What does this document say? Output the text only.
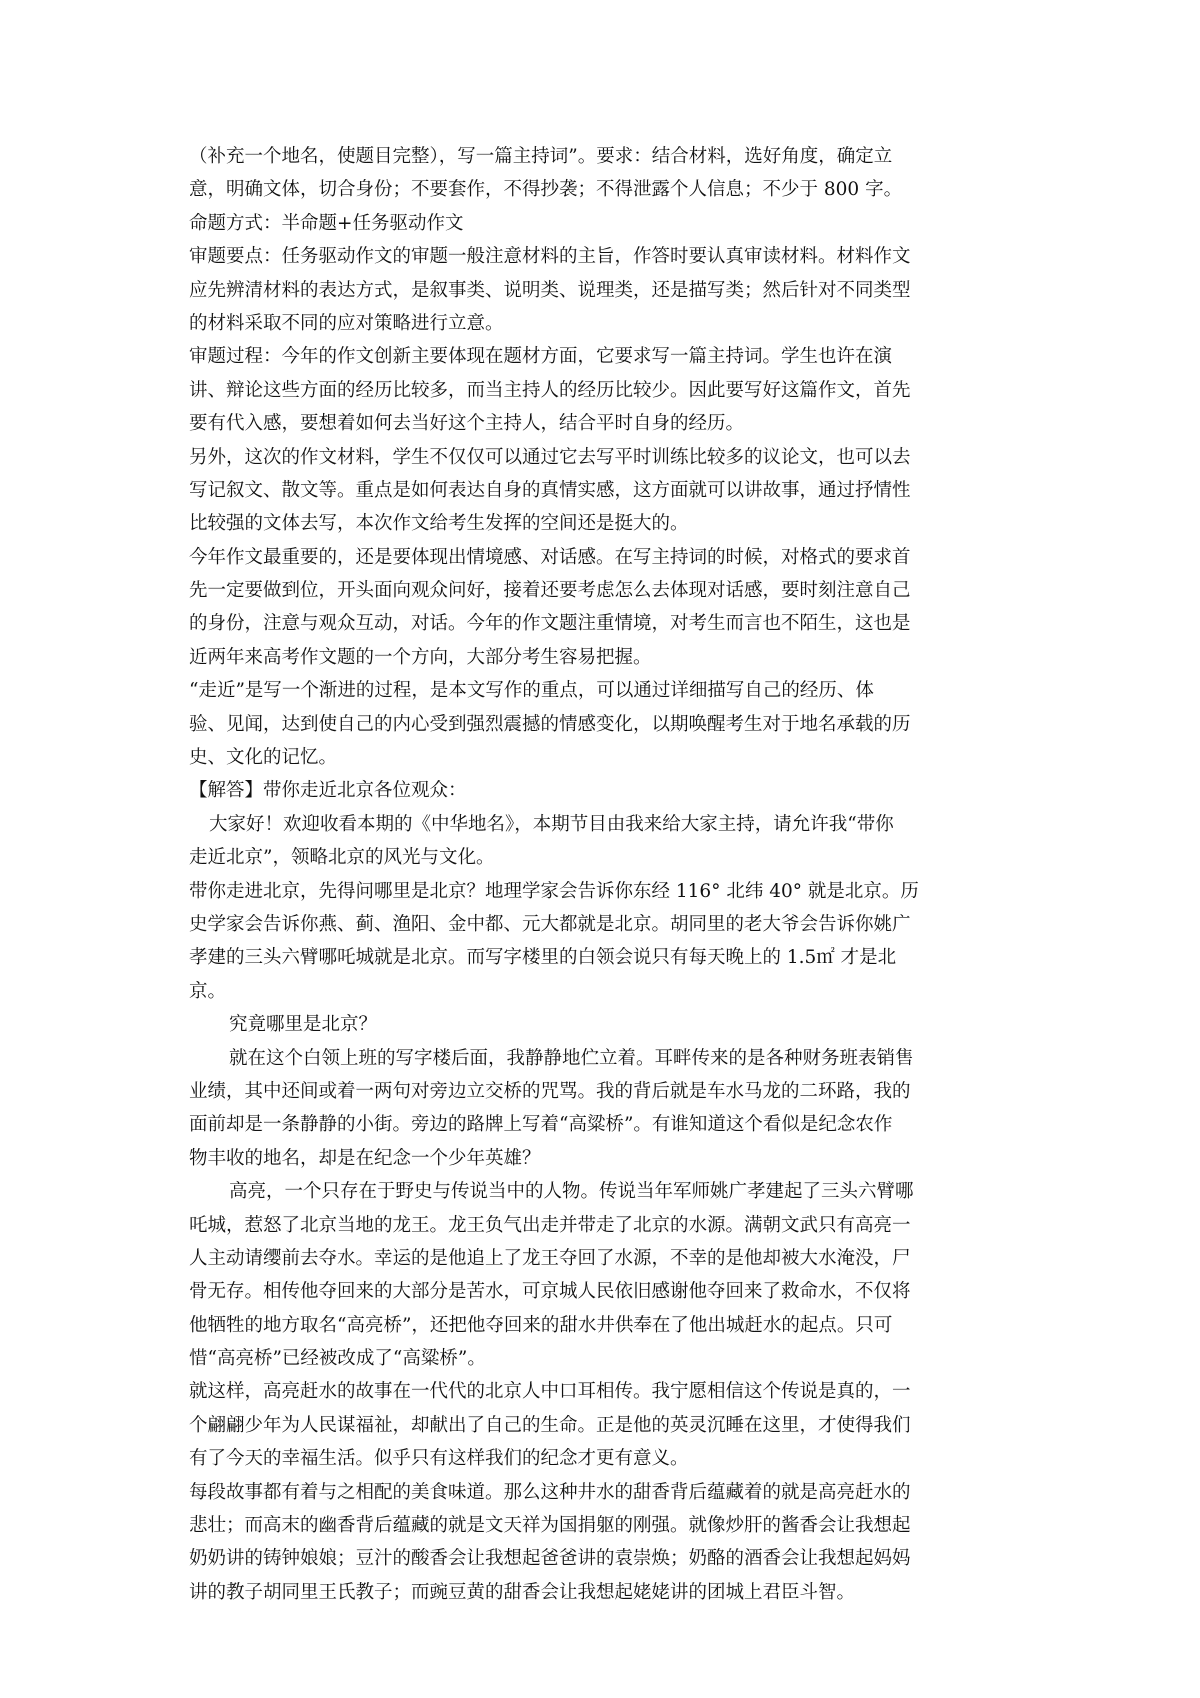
（补充一个地名，使题目完整），写一篇主持词”。要求：结合材料，选好角度，确定立
意，明确文体，切合身份；不要套作，不得抄袭；不得泄露个人信息；不少于 800 字。
命题方式：半命题+任务驱动作文
审题要点：任务驱动作文的审题一般注意材料的主旨，作答时要认真审读材料。材料作文
应先辨清材料的表达方式，是叙事类、说明类、说理类，还是描写类；然后针对不同类型
的材料采取不同的应对策略进行立意。
审题过程：今年的作文创新主要体现在题材方面，它要求写一篇主持词。学生也许在演
讲、辩论这些方面的经历比较多，而当主持人的经历比较少。因此要写好这篇作文，首先
要有代入感，要想着如何去当好这个主持人，结合平时自身的经历。
另外，这次的作文材料，学生不仅仅可以通过它去写平时训练比较多的议论文，也可以去
写记叙文、散文等。重点是如何表达自身的真情实感，这方面就可以讲故事，通过抒情性
比较强的文体去写，本次作文给考生发挥的空间还是挺大的。
今年作文最重要的，还是要体现出情境感、对话感。在写主持词的时候，对格式的要求首
先一定要做到位，开头面向观众问好，接着还要考虑怎么去体现对话感，要时刻注意自己
的身份，注意与观众互动，对话。今年的作文题注重情境，对考生而言也不陌生，这也是
近两年来高考作文题的一个方向，大部分考生容易把握。
“走近”是写一个渐进的过程，是本文写作的重点，可以通过详细描写自己的经历、体
验、见闻，达到使自己的内心受到强烈震撼的情感变化，以期唤醒考生对于地名承载的历
史、文化的记忆。
【解答】带你走近北京各位观众：
大家好！欢迎收看本期的《中华地名》，本期节目由我来给大家主持，请允许我“带你
走近北京”，领略北京的风光与文化。
带你走进北京，先得问哪里是北京？地理学家会告诉你东经 116° 北纬 40° 就是北京。历
史学家会告诉你燕、蓟、渔阳、金中都、元大都就是北京。胡同里的老大爷会告诉你姚广
孝建的三头六臂哪吒城就是北京。而写字楼里的白领会说只有每天晚上的 1.5㎡ 才是北
京。
究竟哪里是北京？
就在这个白领上班的写字楼后面，我静静地伫立着。耳畔传来的是各种财务班表销售
业绩，其中还间或着一两句对旁边立交桥的咒骂。我的背后就是车水马龙的二环路，我的
面前却是一条静静的小街。旁边的路牌上写着“高粱桥”。有谁知道这个看似是纪念农作
物丰收的地名，却是在纪念一个少年英雄？
高亮，一个只存在于野史与传说当中的人物。传说当年军师姚广孝建起了三头六臂哪
吒城，惹怒了北京当地的龙王。龙王负气出走并带走了北京的水源。满朝文武只有高亮一
人主动请缨前去夺水。幸运的是他追上了龙王夺回了水源，不幸的是他却被大水淹没，尸
骨无存。相传他夺回来的大部分是苦水，可京城人民依旧感谢他夺回来了救命水，不仅将
他牺牲的地方取名“高亮桥”，还把他夺回来的甜水井供奉在了他出城赶水的起点。只可
惜“高亮桥”已经被改成了“高粱桥”。
就这样，高亮赶水的故事在一代代的北京人中口耳相传。我宁愿相信这个传说是真的，一
个翩翩少年为人民谋福祉，却献出了自己的生命。正是他的英灵沉睡在这里，才使得我们
有了今天的幸福生活。似乎只有这样我们的纪念才更有意义。
每段故事都有着与之相配的美食味道。那么这种井水的甜香背后蕴藏着的就是高亮赶水的
悲壮；而高末的幽香背后蕴藏的就是文天祥为国捐躯的刚强。就像炒肝的酱香会让我想起
奶奶讲的铸钟娘娘；豆汁的酸香会让我想起爸爸讲的袁崇焕；奶酪的酒香会让我想起妈妈
讲的教子胡同里王氏教子；而豌豆黄的甜香会让我想起姥姥讲的团城上君臣斗智。
